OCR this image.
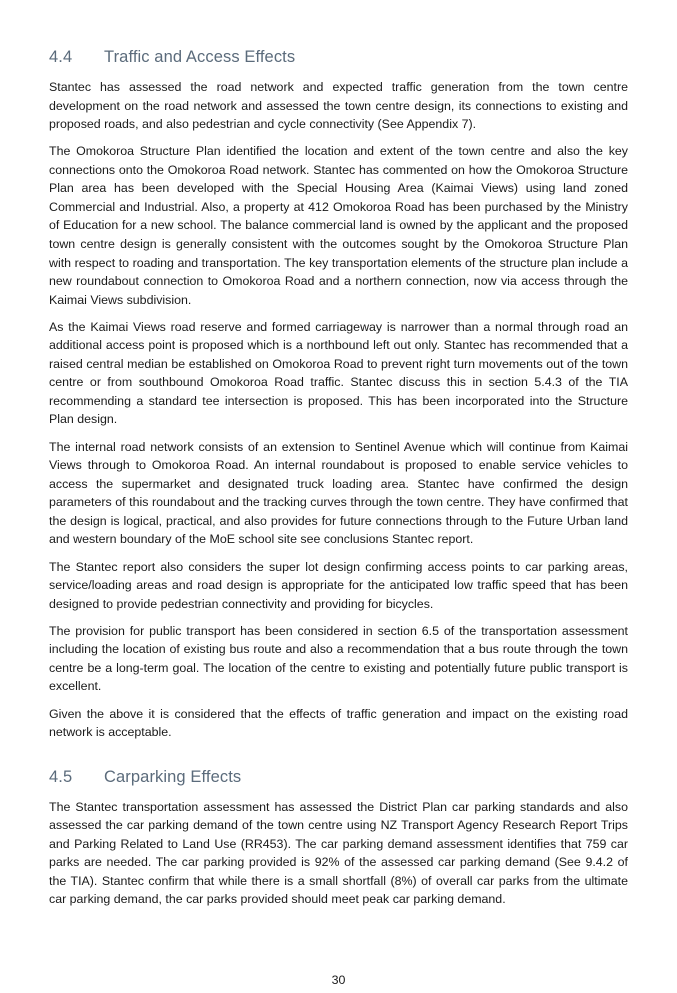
4.4	Traffic and Access Effects

Stantec has assessed the road network and expected traffic generation from the town centre development on the road network and assessed the town centre design, its connections to existing and proposed roads, and also pedestrian and cycle connectivity (See Appendix 7).

The Omokoroa Structure Plan identified the location and extent of the town centre and also the key connections onto the Omokoroa Road network. Stantec has commented on how the Omokoroa Structure Plan area has been developed with the Special Housing Area (Kaimai Views) using land zoned Commercial and Industrial. Also, a property at 412 Omokoroa Road has been purchased by the Ministry of Education for a new school. The balance commercial land is owned by the applicant and the proposed town centre design is generally consistent with the outcomes sought by the Omokoroa Structure Plan with respect to roading and transportation. The key transportation elements of the structure plan include a new roundabout connection to Omokoroa Road and a northern connection, now via access through the Kaimai Views subdivision.

As the Kaimai Views road reserve and formed carriageway is narrower than a normal through road an additional access point is proposed which is a northbound left out only. Stantec has recommended that a raised central median be established on Omokoroa Road to prevent right turn movements out of the town centre or from southbound Omokoroa Road traffic. Stantec discuss this in section 5.4.3 of the TIA recommending a standard tee intersection is proposed. This has been incorporated into the Structure Plan design.

The internal road network consists of an extension to Sentinel Avenue which will continue from Kaimai Views through to Omokoroa Road. An internal roundabout is proposed to enable service vehicles to access the supermarket and designated truck loading area. Stantec have confirmed the design parameters of this roundabout and the tracking curves through the town centre. They have confirmed that the design is logical, practical, and also provides for future connections through to the Future Urban land and western boundary of the MoE school site see conclusions Stantec report.

The Stantec report also considers the super lot design confirming access points to car parking areas, service/loading areas and road design is appropriate for the anticipated low traffic speed that has been designed to provide pedestrian connectivity and providing for bicycles.

The provision for public transport has been considered in section 6.5 of the transportation assessment including the location of existing bus route and also a recommendation that a bus route through the town centre be a long-term goal. The location of the centre to existing and potentially future public transport is excellent.

Given the above it is considered that the effects of traffic generation and impact on the existing road network is acceptable.

4.5	Carparking Effects

The Stantec transportation assessment has assessed the District Plan car parking standards and also assessed the car parking demand of the town centre using NZ Transport Agency Research Report Trips and Parking Related to Land Use (RR453). The car parking demand assessment identifies that 759 car parks are needed. The car parking provided is 92% of the assessed car parking demand (See 9.4.2 of the TIA). Stantec confirm that while there is a small shortfall (8%) of overall car parks from the ultimate car parking demand, the car parks provided should meet peak car parking demand.

30
